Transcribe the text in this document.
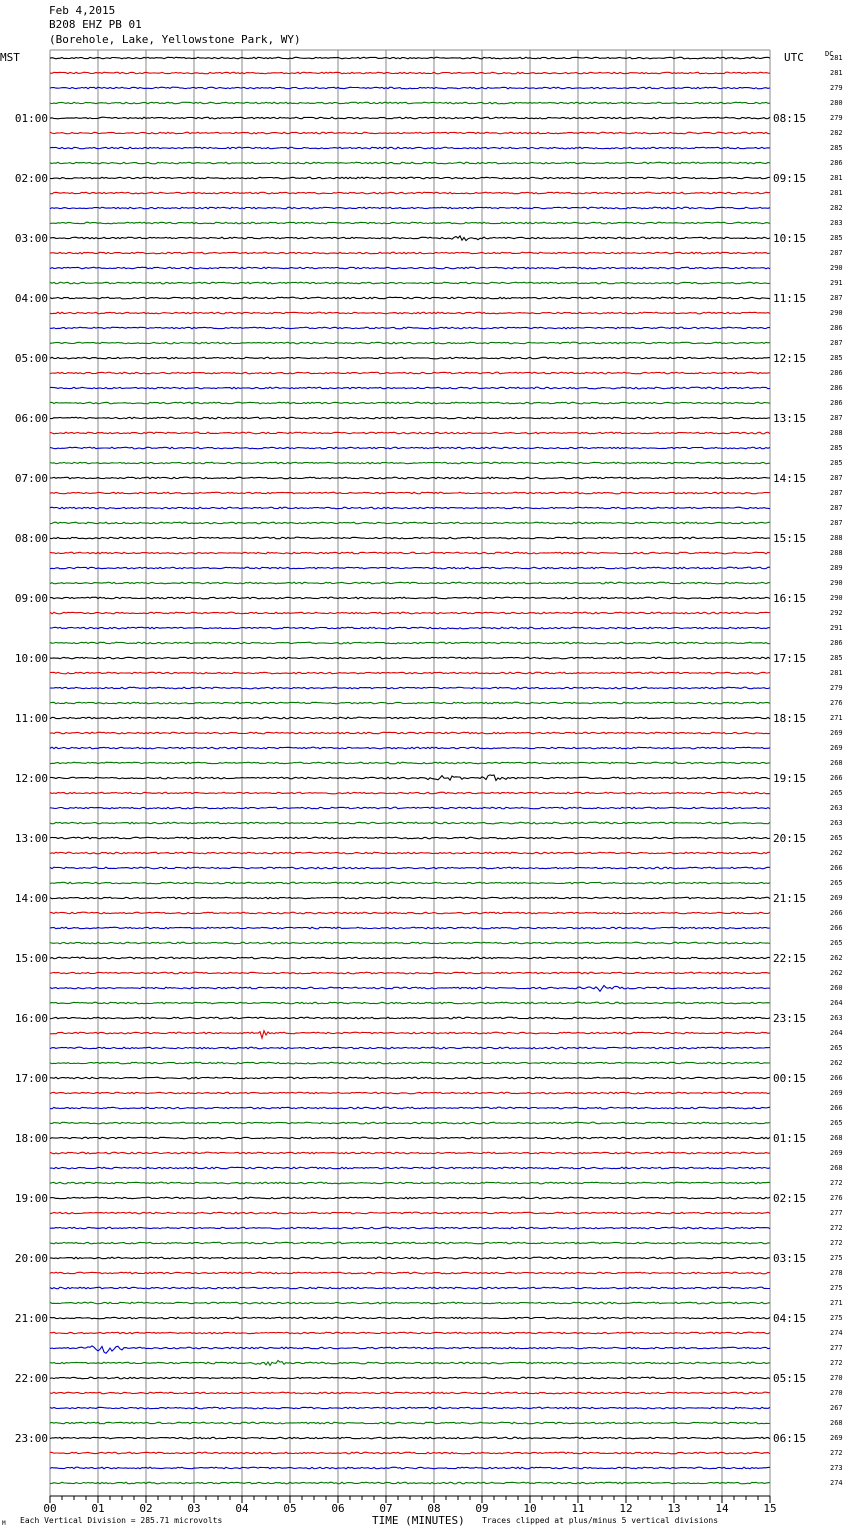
Feb 4,2015
B208 EHZ PB 01
(Borehole, Lake, Yellowstone Park, WY)
01:00	08:15
02:00	09:15
03:00	10:15
04:00	11:15
05:00	12:15
06:00	13:15
07:00	14:15
08:00	15:15
09:00	16:15
10:00	17:15
11:00	18:15
12:00	19:15
13:00	20:15
14:00	21:15
15:00	22:15
16:00	23:15
17:00	00:15
18:00	01:15
19:00	02:15
20:00	03:15
21:00	04:15
22:00	05:15
23:00	06:15
281
281
279
280
279
282
285
286
281
281
282
283
285
287
290
291
287
290
286
287
285
286
286
286
287
288
285
285
287
287
287
287
288
288
289
290
290
292
291
286
285
281
279
276
271
269
269
268
266
265
263
263
265
262
266
265
269
266
266
265
262
262
260
264
263
264
265
262
266
269
266
265
268
269
268
272
276
277
272
272
275
278
275
271
275
274
277
272
270
270
267
268
269
272
273
274
00	01	02	03	04	05	06	07	08	09	10	11	12	13	14	15
MST	UTC	DC
TIME (MINUTES)
Each Vertical Division = 285.71 microvolts	Traces clipped at plus/minus 5 vertical divisions
M
